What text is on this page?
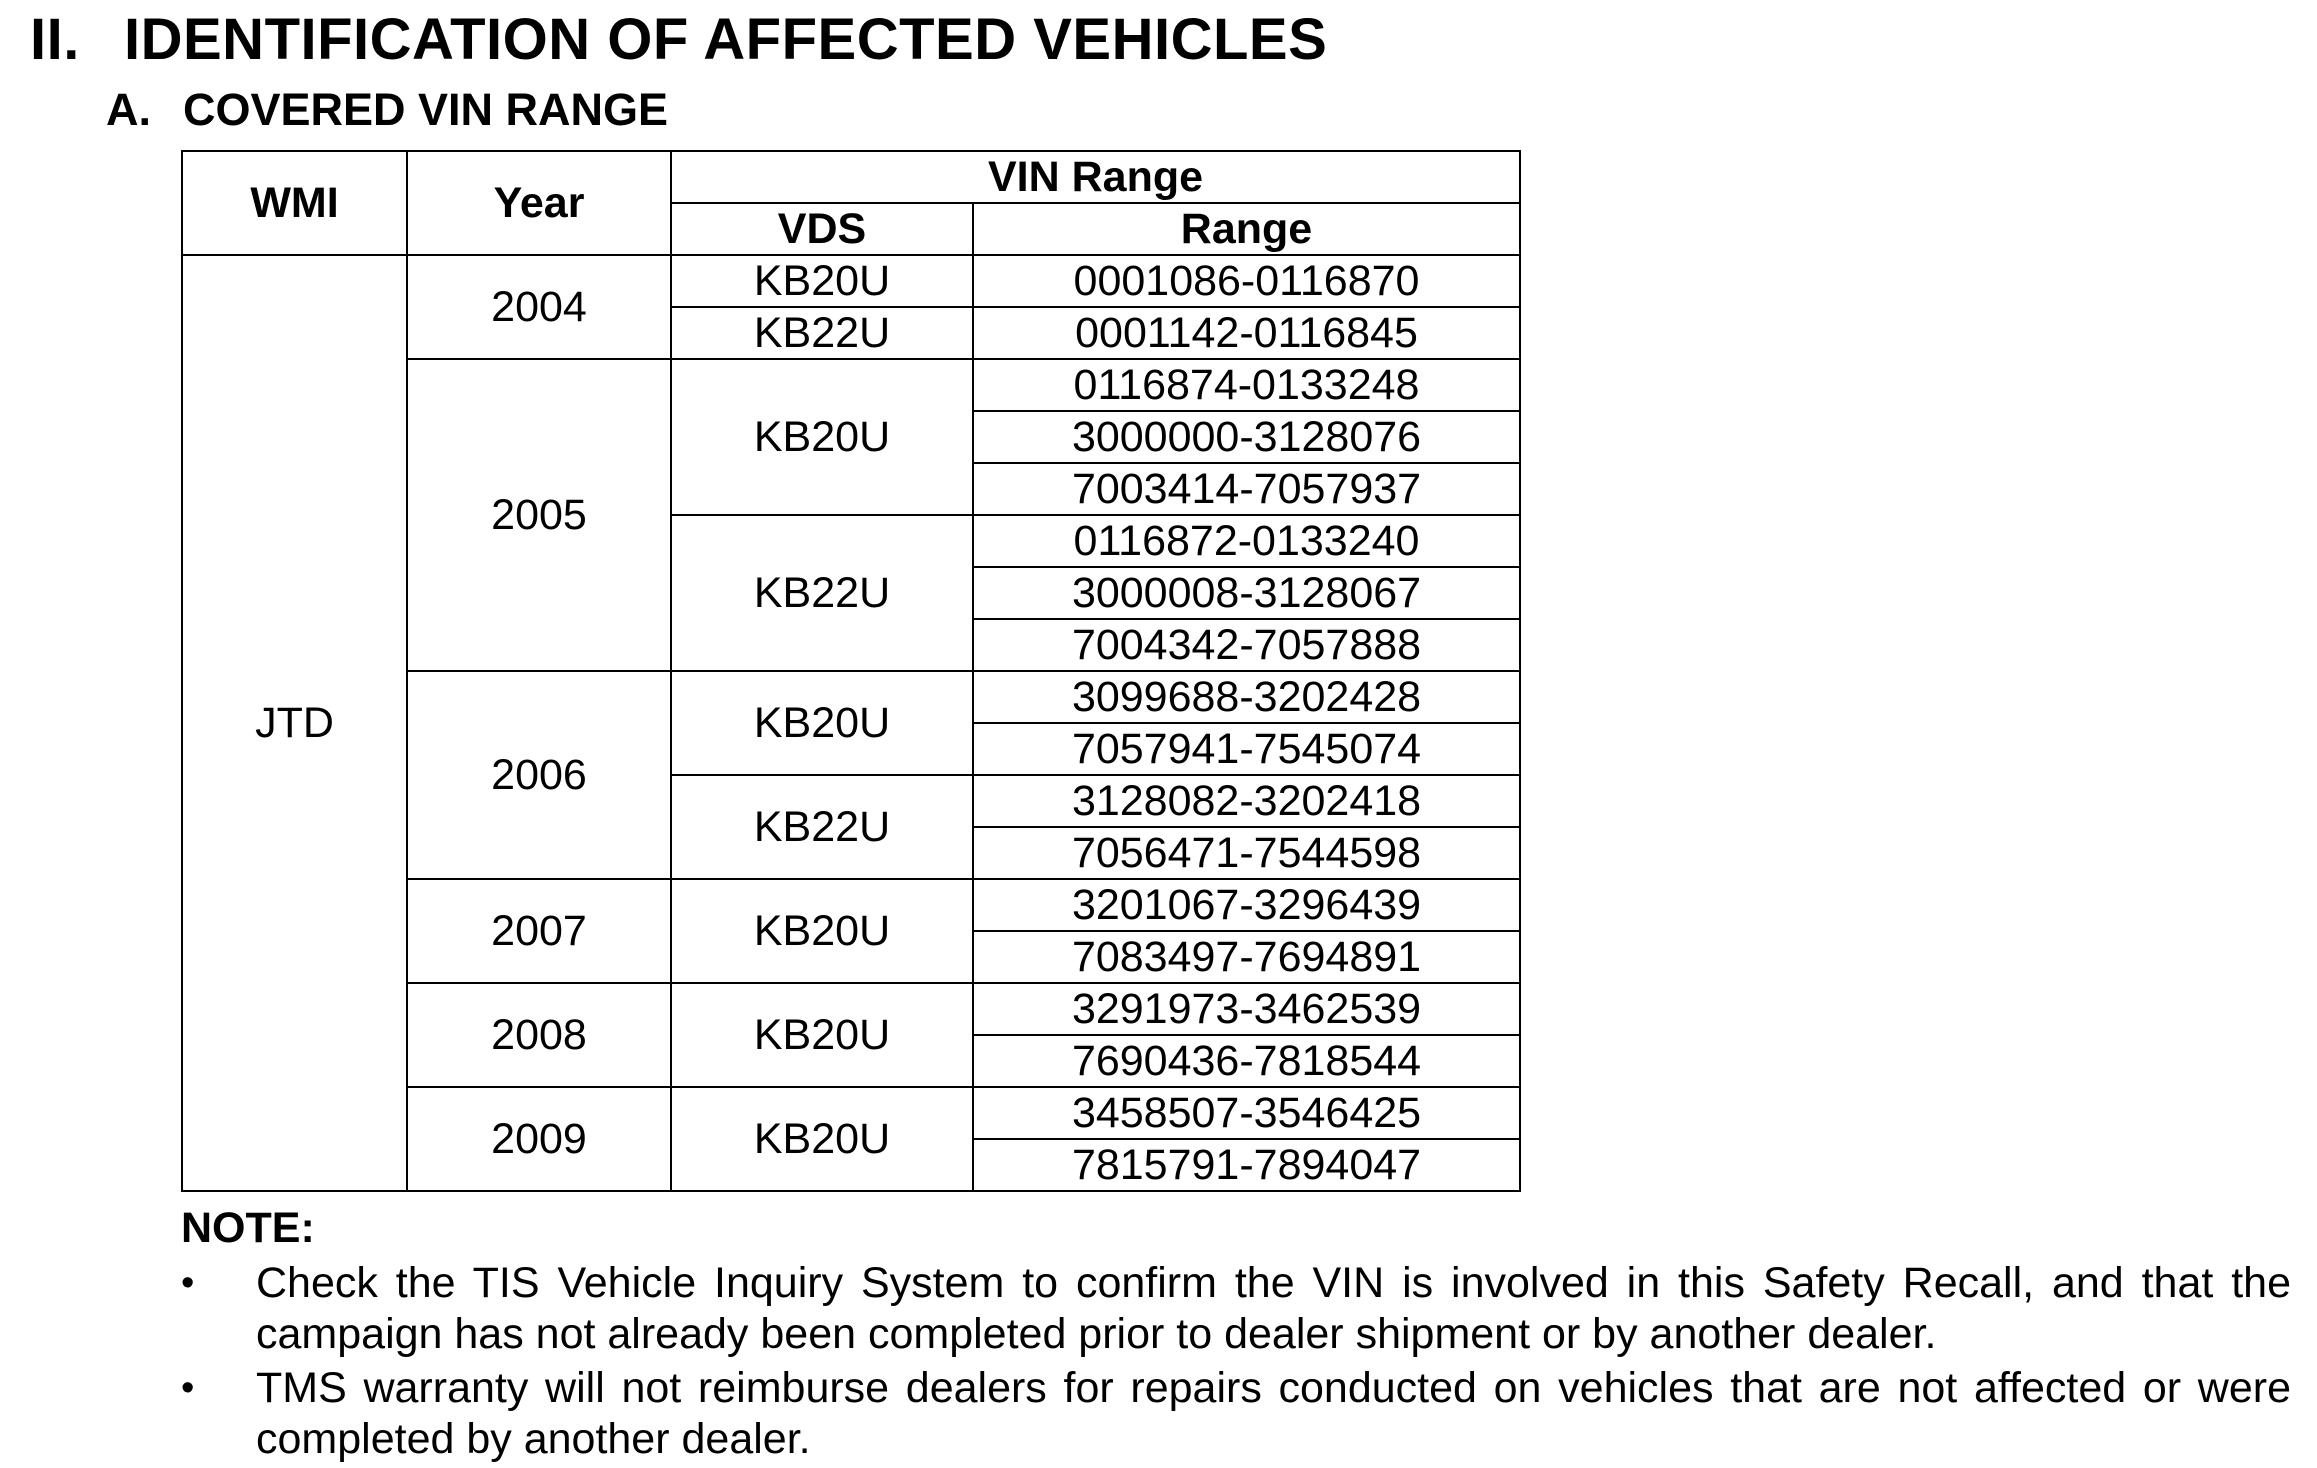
II. IDENTIFICATION OF AFFECTED VEHICLES
A. COVERED VIN RANGE
WMI	Year	VIN Range	
		VDS	Range
JTD	2004	KB20U	0001086-0116870
		KB22U	0001142-0116845
	2005	KB20U	0116874-0133248
			3000000-3128076
			7003414-7057937
		KB22U	0116872-0133240
			3000008-3128067
			7004342-7057888
	2006	KB20U	3099688-3202428
			7057941-7545074
		KB22U	3128082-3202418
			7056471-7544598
	2007	KB20U	3201067-3296439
			7083497-7694891
	2008	KB20U	3291973-3462539
			7690436-7818544
	2009	KB20U	3458507-3546425
			7815791-7894047

NOTE:

• Check the TIS Vehicle Inquiry System to confirm the VIN is involved in this Safety Recall, and that the campaign has not already been completed prior to dealer shipment or by another dealer.
• TMS warranty will not reimburse dealers for repairs conducted on vehicles that are not affected or were completed by another dealer.
